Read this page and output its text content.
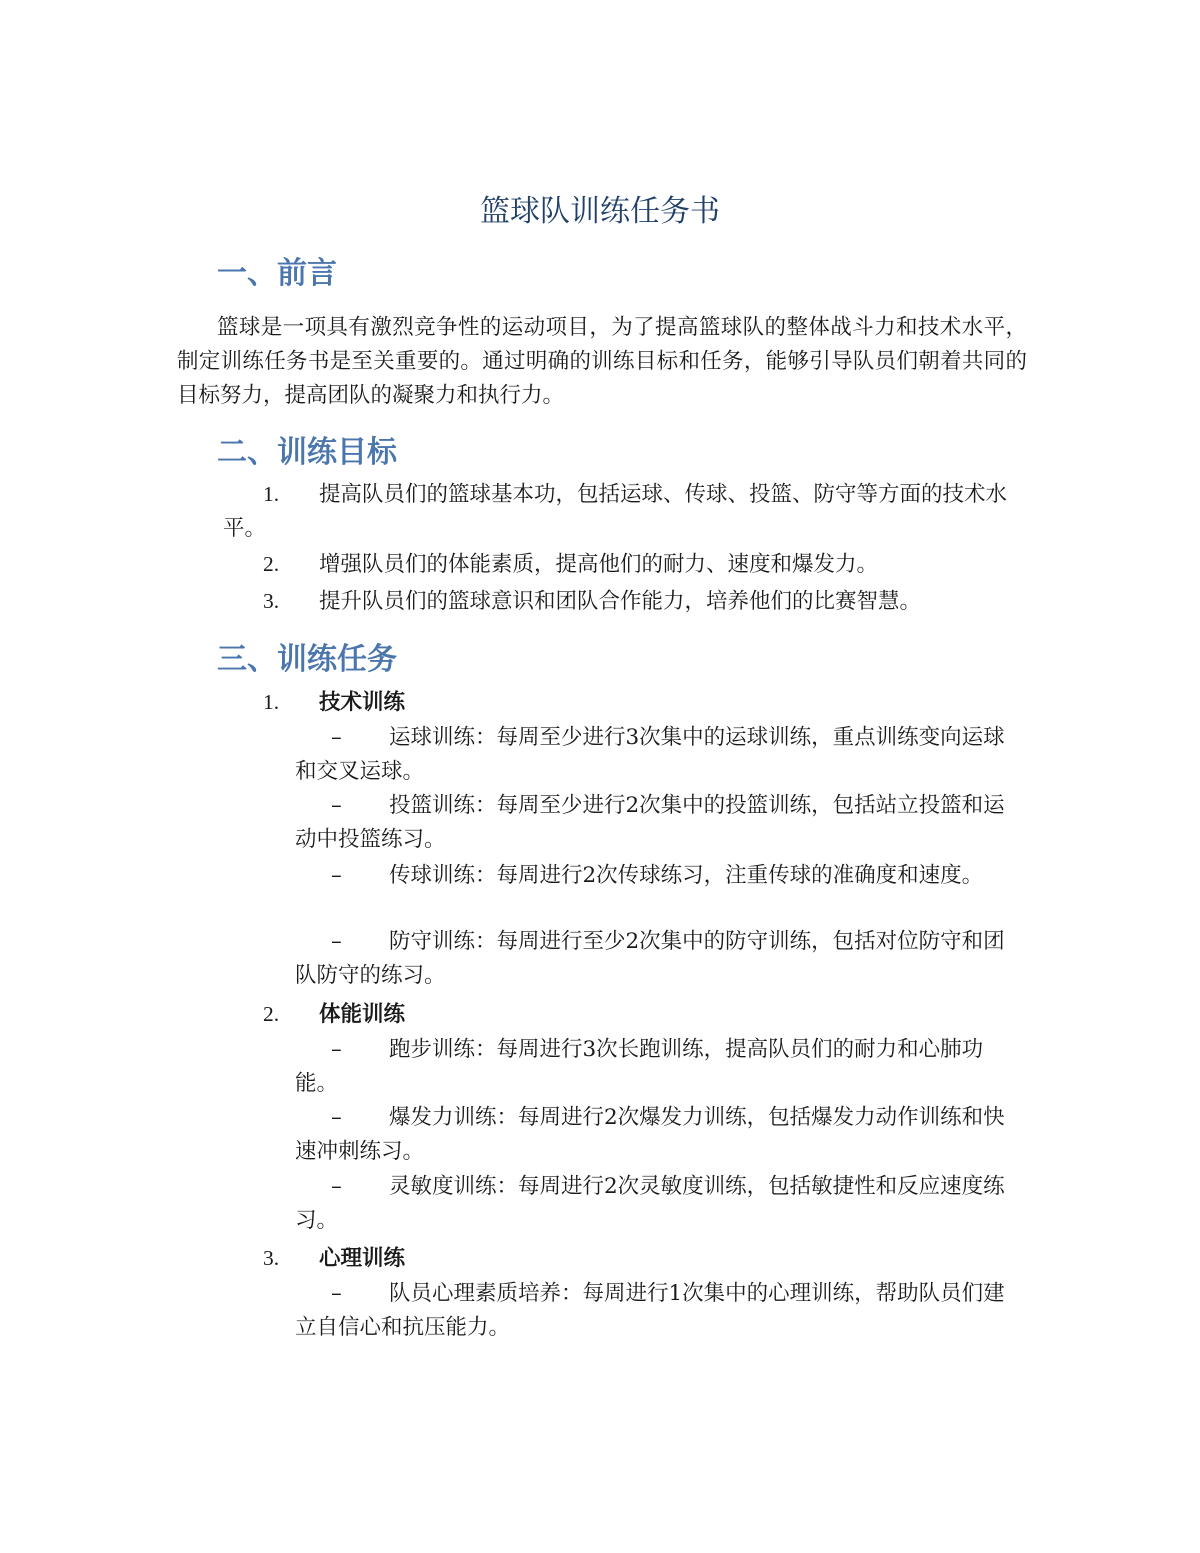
篮球队训练任务书
一、前言

篮球是一项具有激烈竞争性的运动项目，为了提高篮球队的整体战斗力和技术水平，制定训练任务书是至关重要的。通过明确的训练目标和任务，能够引导队员们朝着共同的目标努力，提高团队的凝聚力和执行力。

二、训练目标

1. 提高队员们的篮球基本功，包括运球、传球、投篮、防守等方面的技术水平。

2. 增强队员们的体能素质，提高他们的耐力、速度和爆发力。

3. 提升队员们的篮球意识和团队合作能力，培养他们的比赛智慧。

三、训练任务

1. 技术训练

– 运球训练：每周至少进行3次集中的运球训练，重点训练变向运球和交叉运球。

– 投篮训练：每周至少进行2次集中的投篮训练，包括站立投篮和运动中投篮练习。

– 传球训练：每周进行2次传球练习，注重传球的准确度和速度。

– 防守训练：每周进行至少2次集中的防守训练，包括对位防守和团队防守的练习。

2. 体能训练

– 跑步训练：每周进行3次长跑训练，提高队员们的耐力和心肺功能。

– 爆发力训练：每周进行2次爆发力训练，包括爆发力动作训练和快速冲刺练习。

– 灵敏度训练：每周进行2次灵敏度训练，包括敏捷性和反应速度练习。

3. 心理训练

– 队员心理素质培养：每周进行1次集中的心理训练，帮助队员们建立自信心和抗压能力。
